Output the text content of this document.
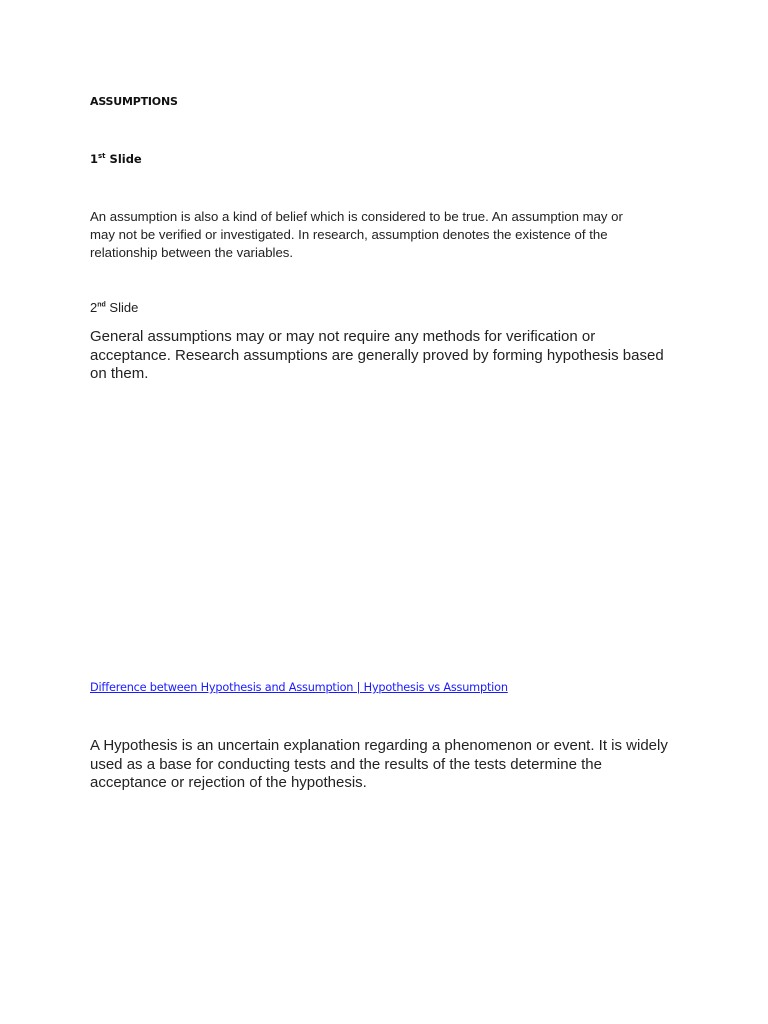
ASSUMPTIONS
1st Slide

An assumption is also a kind of belief which is considered to be true. An assumption may or may not be verified or investigated. In research, assumption denotes the existence of the relationship between the variables.

2nd Slide

General assumptions may or may not require any methods for verification or acceptance. Research assumptions are generally proved by forming hypothesis based on them.

Difference between Hypothesis and Assumption | Hypothesis vs Assumption

A Hypothesis is an uncertain explanation regarding a phenomenon or event. It is widely used as a base for conducting tests and the results of the tests determine the acceptance or rejection of the hypothesis.
